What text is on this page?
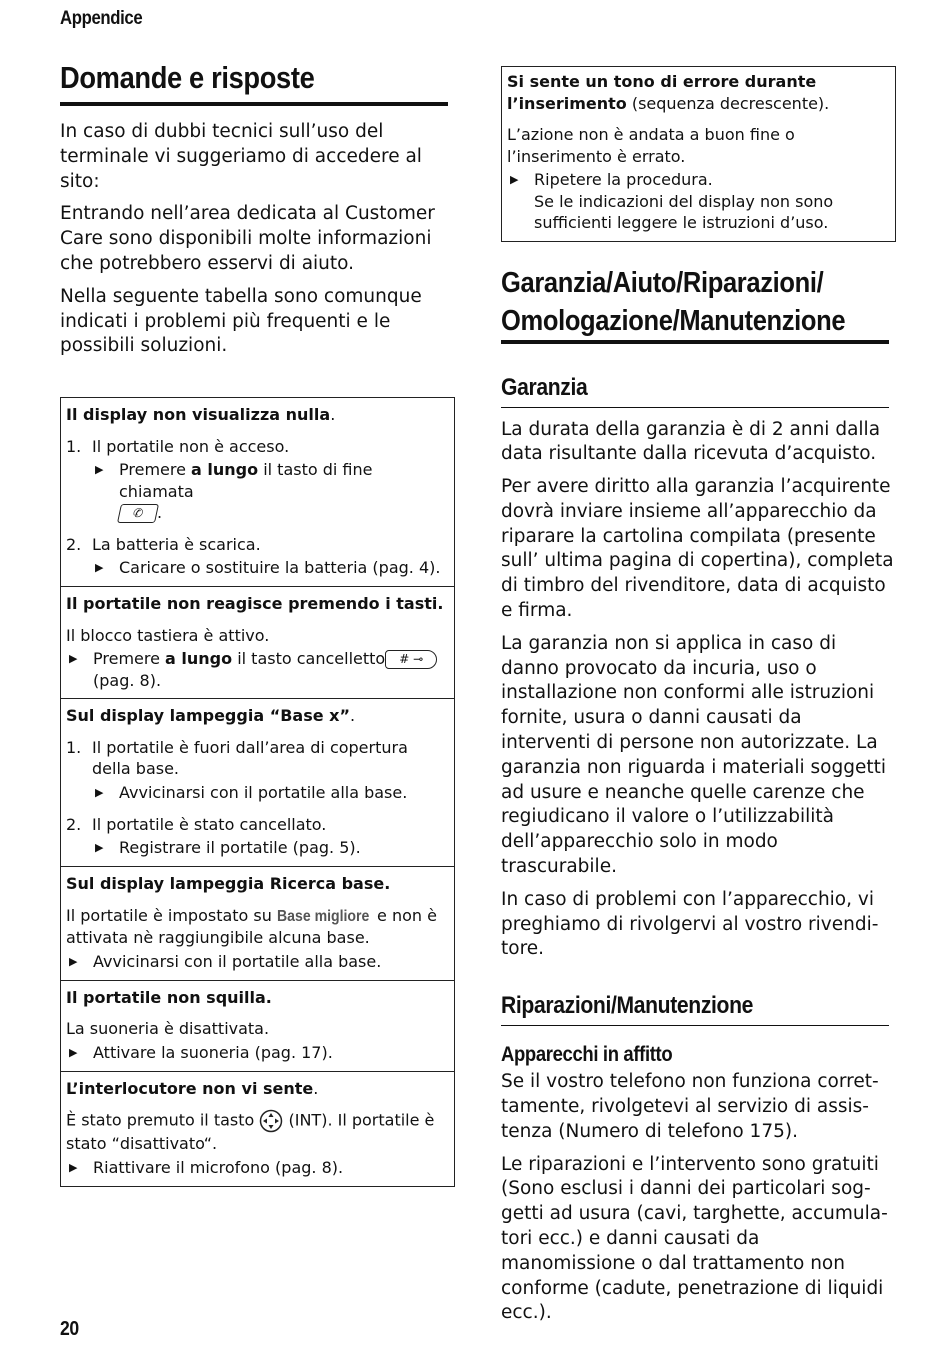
Appendice
Domande e risposte

In caso di dubbi tecnici sull’uso del terminale vi suggeriamo di accedere al sito:

Entrando nell’area dedicata al Customer Care sono disponibili molte informazioni che potrebbero esservi di aiuto.

Nella seguente tabella sono comunque indicati i problemi più frequenti e le possibili soluzioni.

Il display non visualizza nulla.
1. Il portatile non è acceso.
▶ Premere a lungo il tasto di fine chiamata
✆ .
2. La batteria è scarica.
▶ Caricare o sostituire la batteria (pag. 4).
Il portatile non reagisce premendo i tasti.
Il blocco tastiera è attivo.
▶ Premere a lungo il tasto cancelletto # ⊸
(pag. 8).
Sul display lampeggia “Base x”.
1. Il portatile è fuori dall’area di copertura della base.
▶ Avvicinarsi con il portatile alla base.
2. Il portatile è stato cancellato.
▶ Registrare il portatile (pag. 5).
Sul display lampeggia Ricerca base.
Il portatile è impostato su Base migliore e non è attivata nè raggiungibile alcuna base.
▶ Avvicinarsi con il portatile alla base.
Il portatile non squilla.
La suoneria è disattivata.
▶ Attivare la suoneria (pag. 17).
L’interlocutore non vi sente.
È stato premuto il tasto  (INT). Il portatile è stato “disattivato“.
▶ Riattivare il microfono (pag. 8).
Si sente un tono di errore durante l’inserimento (sequenza decrescente).
L’azione non è andata a buon fine o l’inserimento è errato.
▶ Ripetere la procedura.
Se le indicazioni del display non sono sufficienti leggere le istruzioni d’uso.
Garanzia/Aiuto/Riparazioni/
Omologazione/Manutenzione
Garanzia

La durata della garanzia è di 2 anni dalla data risultante dalla ricevuta d’acquisto.

Per avere diritto alla garanzia l’acquirente dovrà inviare insieme all’apparecchio da riparare la cartolina compilata (presente sull’ ultima pagina di copertina), completa di timbro del rivenditore, data di acquisto e firma.

La garanzia non si applica in caso di danno provocato da incuria, uso o installazione non conformi alle istruzioni fornite, usura o danni causati da interventi di persone non autorizzate. La garanzia non riguarda i materiali soggetti ad usure e neanche quelle carenze che regiudicano il valore o l’utilizzabilità dell’apparecchio solo in modo trascurabile.

In caso di problemi con l’apparecchio, vi preghiamo di rivolgervi al vostro rivendi-tore.

Riparazioni/Manutenzione
Apparecchi in affitto

Se il vostro telefono non funziona corret-tamente, rivolgetevi al servizio di assis-tenza (Numero di telefono 175).

Le riparazioni e l’intervento sono gratuiti (Sono esclusi i danni dei particolari sog-getti ad usura (cavi, targhette, accumula-tori ecc.) e danni causati da manomissione o dal trattamento non conforme (cadute, penetrazione di liquidi ecc.).

20
